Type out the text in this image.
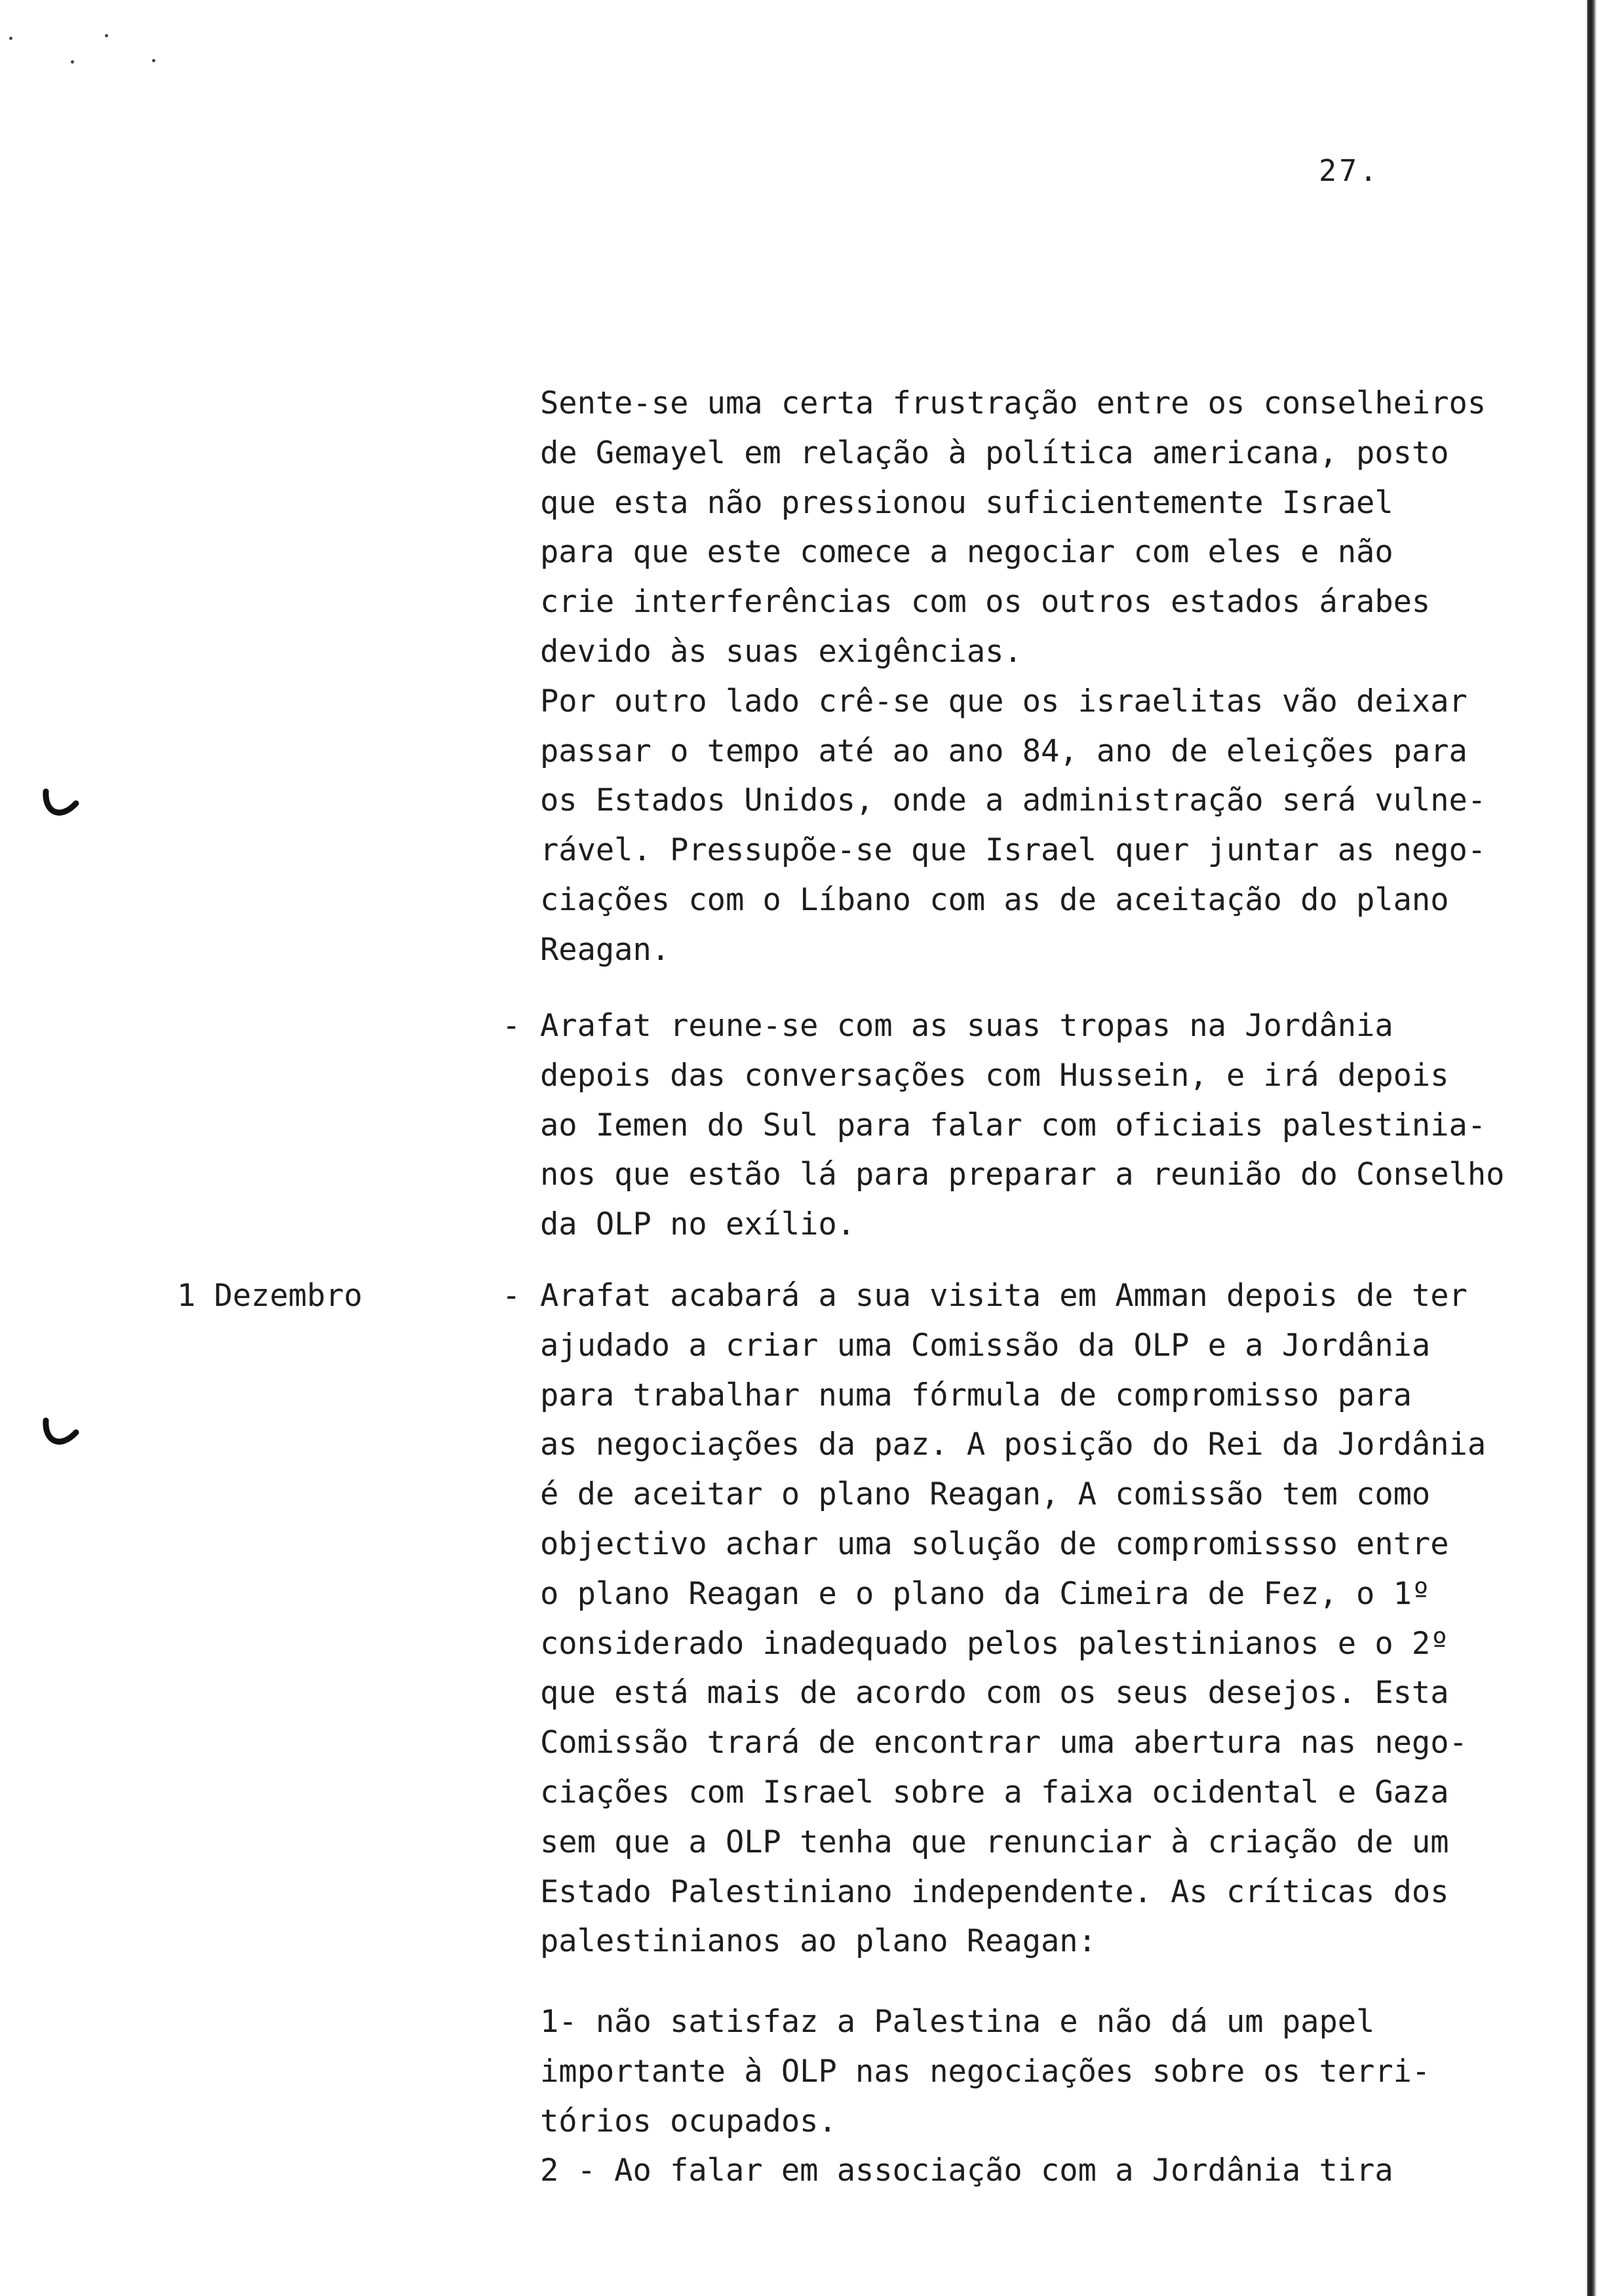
27.
Sente-se uma certa frustração entre os conselheiros
de Gemayel em relação à política americana, posto
que esta não pressionou suficientemente Israel
para que este comece a negociar com eles e não
crie interferências com os outros estados árabes
devido às suas exigências.
Por outro lado crê-se que os israelitas vão deixar
passar o tempo até ao ano 84, ano de eleições para
os Estados Unidos, onde a administração será vulne-
rável. Pressupõe-se que Israel quer juntar as nego-
ciações com o Líbano com as de aceitação do plano
Reagan.
- Arafat reune-se com as suas tropas na Jordânia
depois das conversações com Hussein, e irá depois
ao Iemen do Sul para falar com oficiais palestinia-
nos que estão lá para preparar a reunião do Conselho
da OLP no exílio.
1 Dezembro	- Arafat acabará a sua visita em Amman depois de ter
ajudado a criar uma Comissão da OLP e a Jordânia
para trabalhar numa fórmula de compromisso para
as negociações da paz. A posição do Rei da Jordânia
é de aceitar o plano Reagan, A comissão tem como
objectivo achar uma solução de compromissso entre
o plano Reagan e o plano da Cimeira de Fez, o 1º
considerado inadequado pelos palestinianos e o 2º
que está mais de acordo com os seus desejos. Esta
Comissão trará de encontrar uma abertura nas nego-
ciações com Israel sobre a faixa ocidental e Gaza
sem que a OLP tenha que renunciar à criação de um
Estado Palestiniano independente. As críticas dos
palestinianos ao plano Reagan:
1- não satisfaz a Palestina e não dá um papel
importante à OLP nas negociações sobre os terri-
tórios ocupados.
2 - Ao falar em associação com a Jordânia tira
